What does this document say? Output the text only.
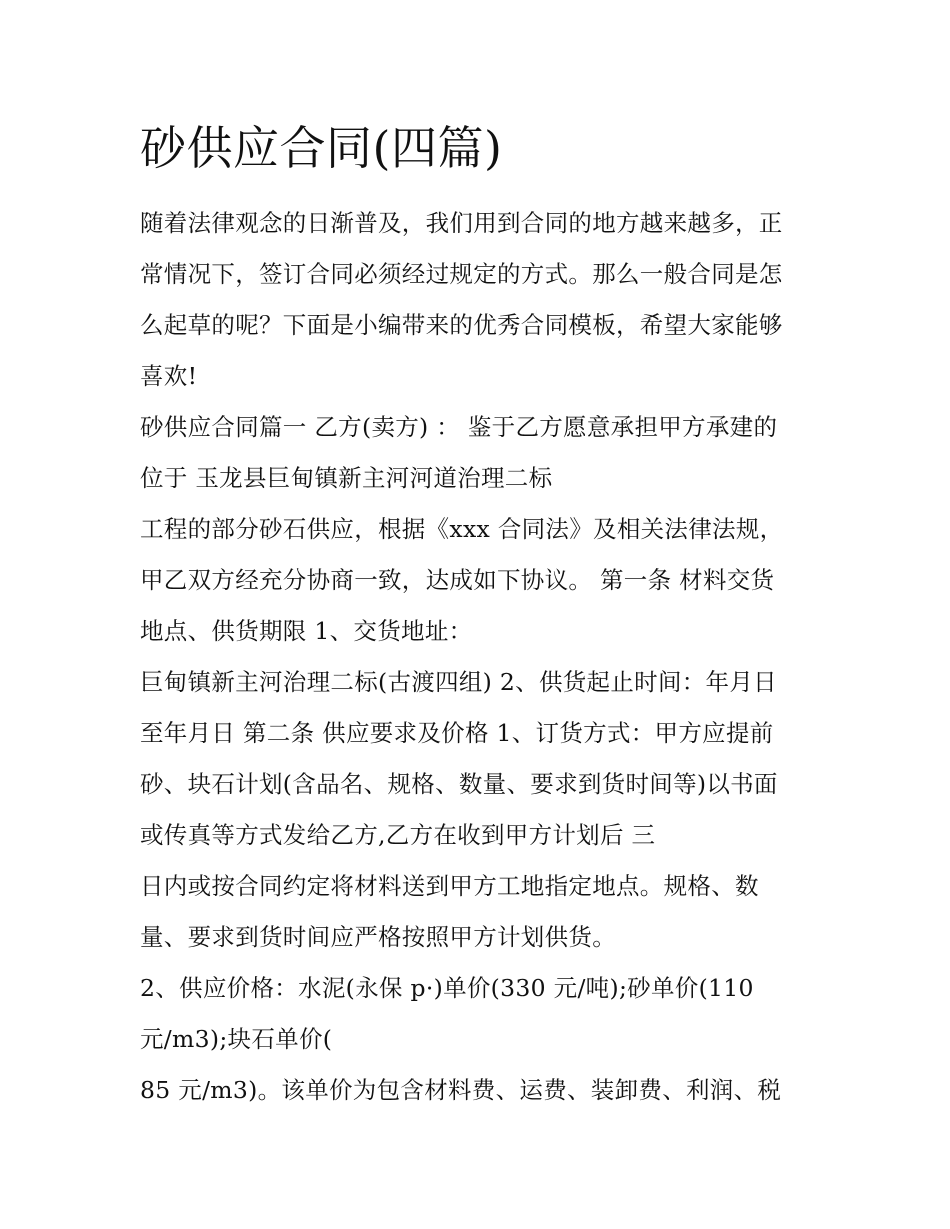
砂供应合同(四篇)
随着法律观念的日渐普及，我们用到合同的地方越来越多，正
常情况下，签订合同必须经过规定的方式。那么一般合同是怎
么起草的呢？下面是小编带来的优秀合同模板，希望大家能够
喜欢!
砂供应合同篇一 乙方(卖方) ： 鉴于乙方愿意承担甲方承建的
位于 玉龙县巨甸镇新主河河道治理二标
工程的部分砂石供应，根据《xxx 合同法》及相关法律法规，
甲乙双方经充分协商一致，达成如下协议。 第一条 材料交货
地点、供货期限 1、交货地址：
巨甸镇新主河治理二标(古渡四组) 2、供货起止时间：年月日
至年月日 第二条 供应要求及价格 1、订货方式：甲方应提前
砂、块石计划(含品名、规格、数量、要求到货时间等)以书面
或传真等方式发给乙方,乙方在收到甲方计划后 三
日内或按合同约定将材料送到甲方工地指定地点。规格、数
量、要求到货时间应严格按照甲方计划供货。
2、供应价格：水泥(永保 p·)单价(330 元/吨);砂单价(110
元/m3);块石单价(
85 元/m3)。该单价为包含材料费、运费、装卸费、利润、税
